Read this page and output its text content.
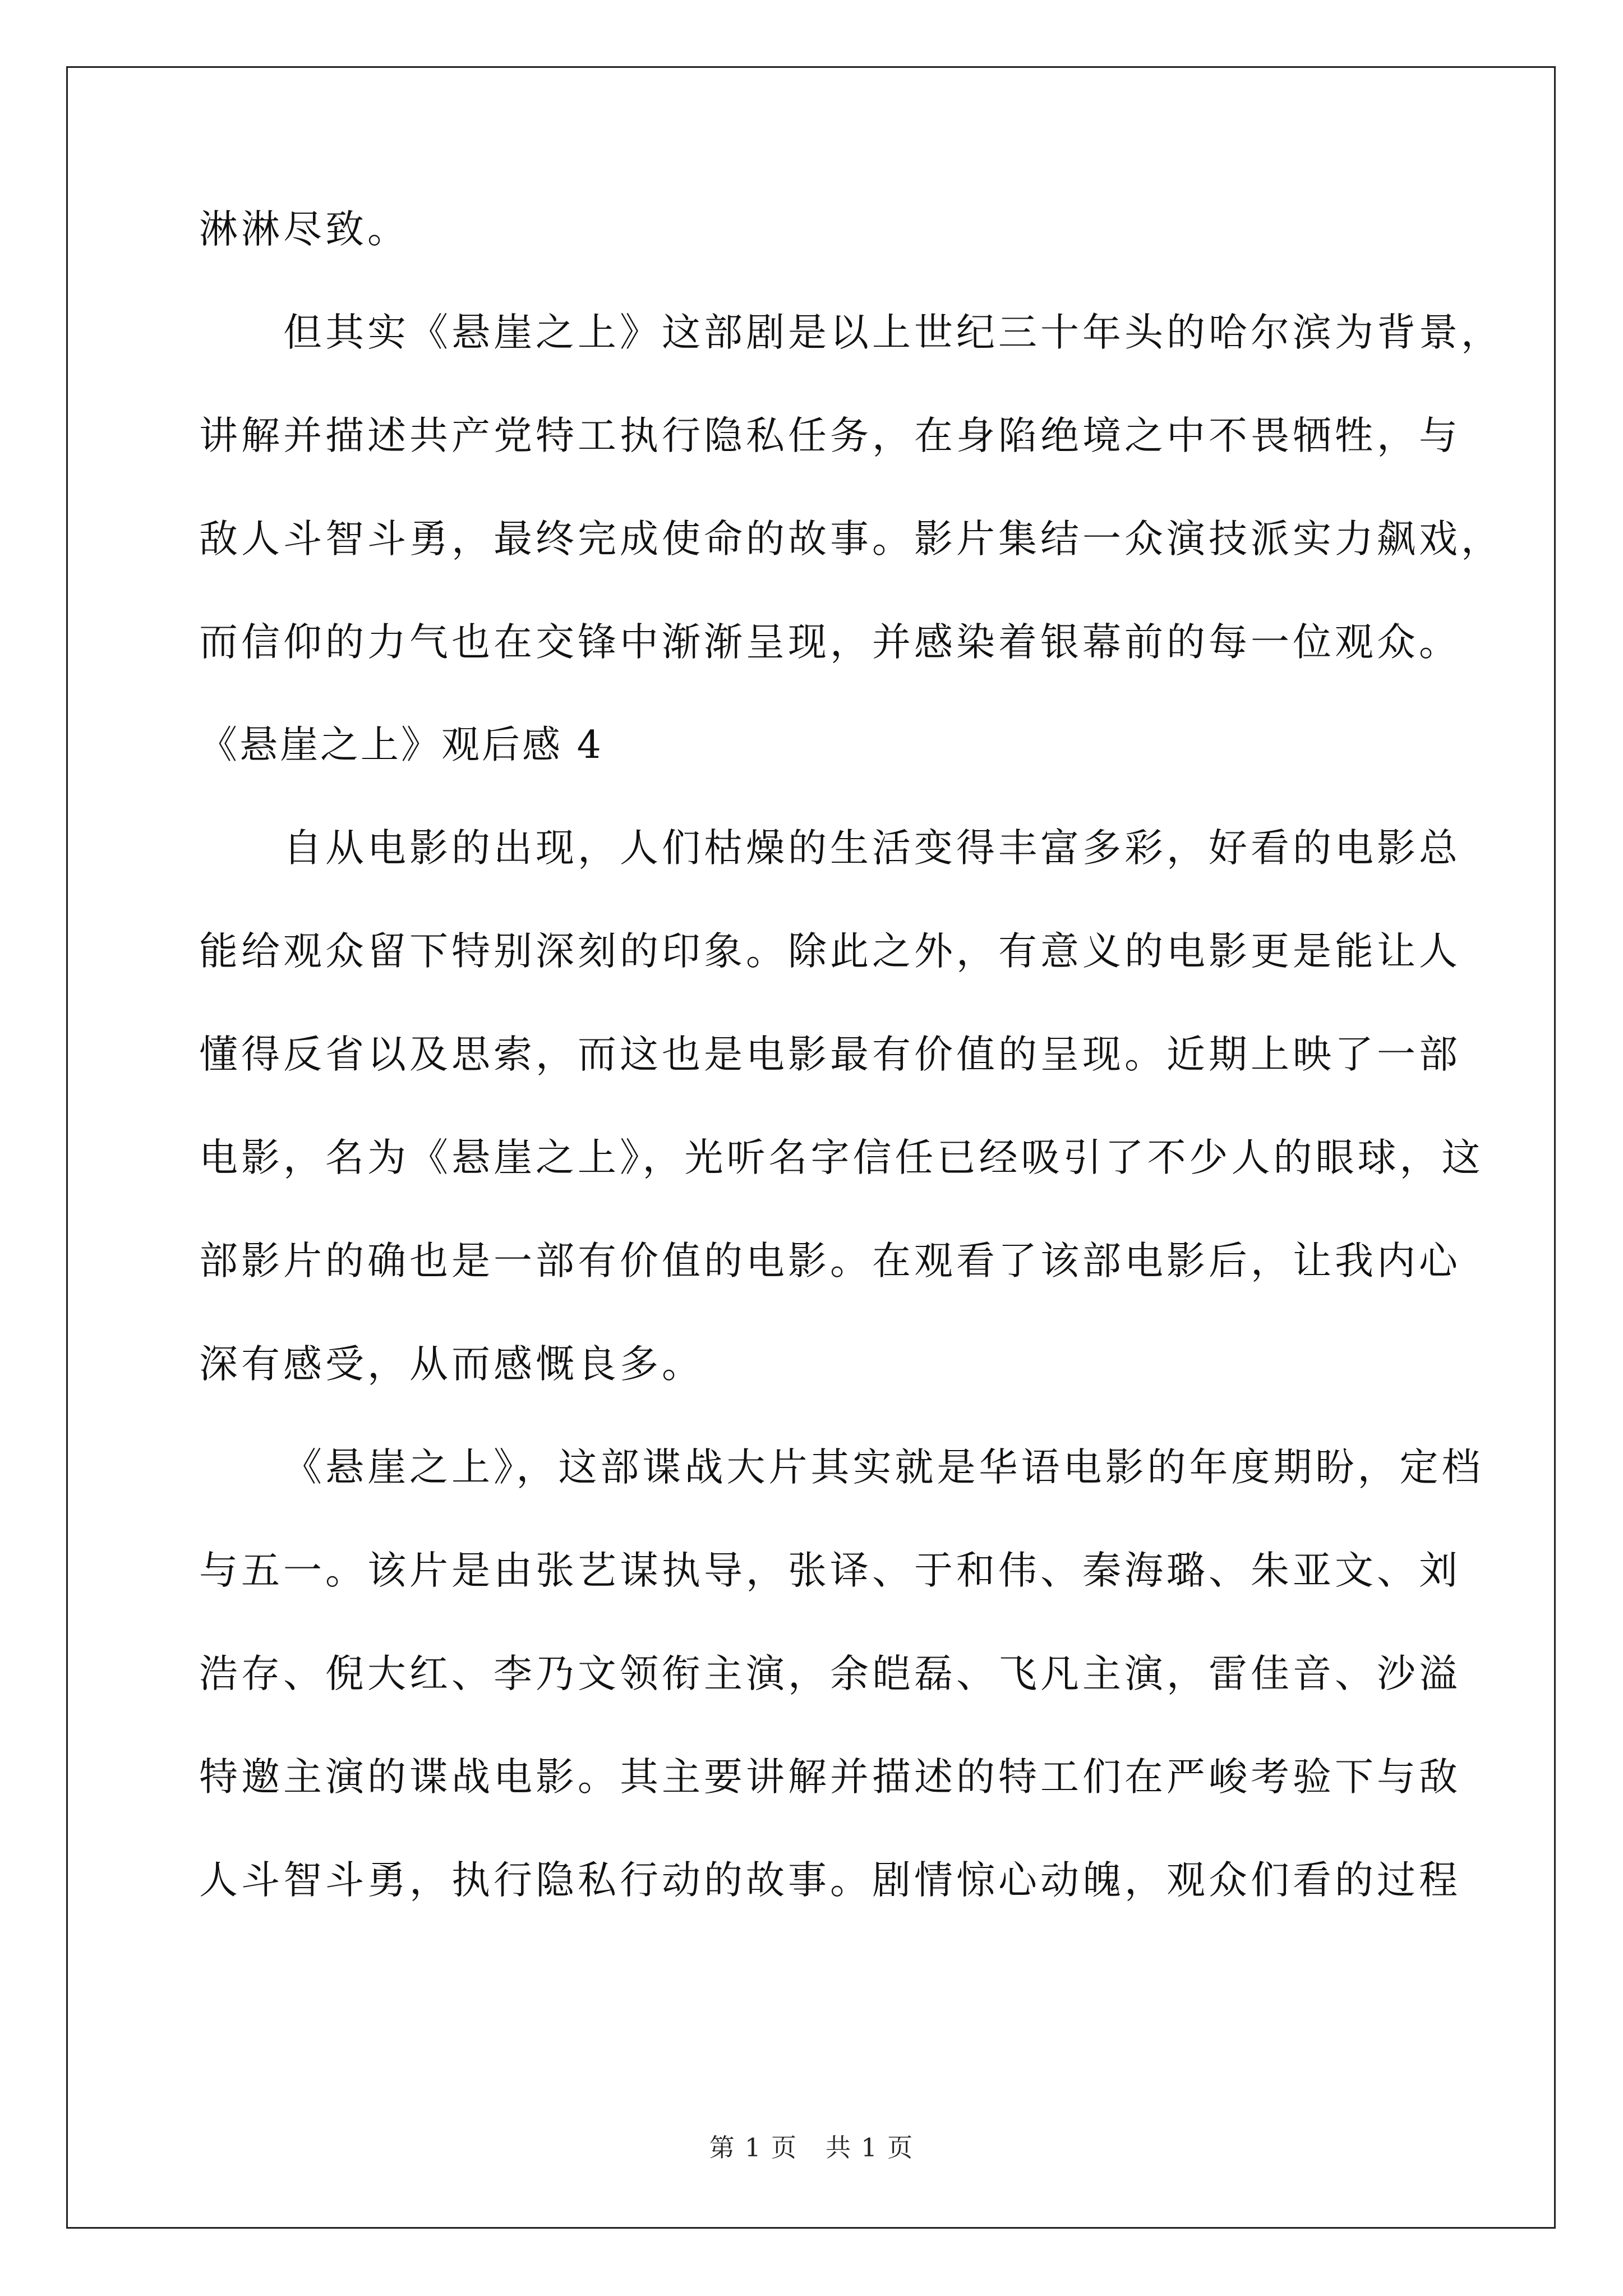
淋淋尽致。
但其实《悬崖之上》这部剧是以上世纪三十年头的哈尔滨为背景，
讲解并描述共产党特工执行隐私任务，在身陷绝境之中不畏牺牲，与
敌人斗智斗勇，最终完成使命的故事。影片集结一众演技派实力飙戏，
而信仰的力气也在交锋中渐渐呈现，并感染着银幕前的每一位观众。
《悬崖之上》观后感 4
自从电影的出现，人们枯燥的生活变得丰富多彩，好看的电影总
能给观众留下特别深刻的印象。除此之外，有意义的电影更是能让人
懂得反省以及思索，而这也是电影最有价值的呈现。近期上映了一部
电影，名为《悬崖之上》，光听名字信任已经吸引了不少人的眼球，这
部影片的确也是一部有价值的电影。在观看了该部电影后，让我内心
深有感受，从而感慨良多。
《悬崖之上》，这部谍战大片其实就是华语电影的年度期盼，定档
与五一。该片是由张艺谋执导，张译、于和伟、秦海璐、朱亚文、刘
浩存、倪大红、李乃文领衔主演，余皑磊、飞凡主演，雷佳音、沙溢
特邀主演的谍战电影。其主要讲解并描述的特工们在严峻考验下与敌
人斗智斗勇，执行隐私行动的故事。剧情惊心动魄，观众们看的过程
第 1 页 共 1 页
